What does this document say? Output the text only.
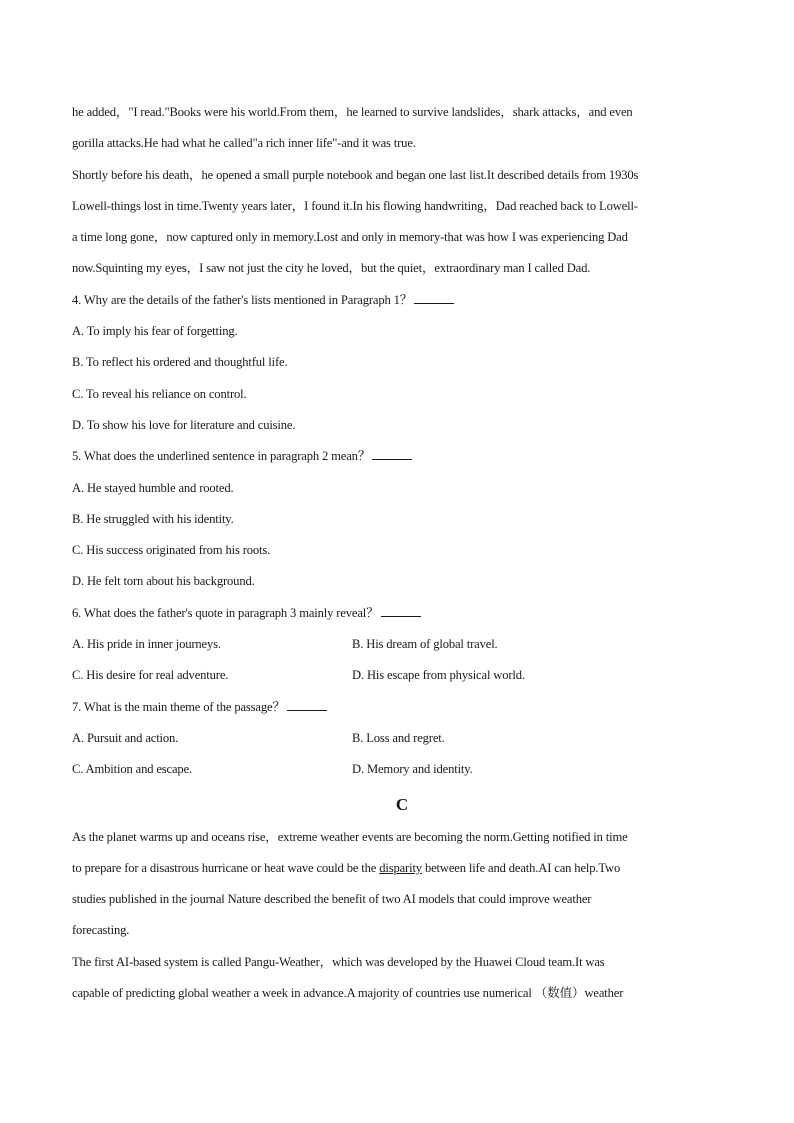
he added，"I read."Books were his world.From them，he learned to survive landslides，shark attacks，and even
gorilla attacks.He had what he called"a rich inner life"-and it was true.
Shortly before his death，he opened a small purple notebook and began one last list.It described details from 1930s
Lowell-things lost in time.Twenty years later，I found it.In his flowing handwriting，Dad reached back to Lowell-
a time long gone，now captured only in memory.Lost and only in memory-that was how I was experiencing Dad
now.Squinting my eyes，I saw not just the city he loved，but the quiet，extraordinary man I called Dad.
4. Why are the details of the father's lists mentioned in Paragraph 1？
A. To imply his fear of forgetting.
B. To reflect his ordered and thoughtful life.
C. To reveal his reliance on control.
D. To show his love for literature and cuisine.
5. What does the underlined sentence in paragraph 2 mean？
A. He stayed humble and rooted.
B. He struggled with his identity.
C. His success originated from his roots.
D. He felt torn about his background.
6. What does the father's quote in paragraph 3 mainly reveal？
A. His pride in inner journeys.	B. His dream of global travel.
C. His desire for real adventure.	D. His escape from physical world.
7. What is the main theme of the passage？
A. Pursuit and action.	B. Loss and regret.
C. Ambition and escape.	D. Memory and identity.
C
As the planet warms up and oceans rise，extreme weather events are becoming the norm.Getting notified in time
to prepare for a disastrous hurricane or heat wave could be the disparity between life and death.AI can help.Two
studies published in the journal Nature described the benefit of two AI models that could improve weather
forecasting.
The first AI-based system is called Pangu-Weather，which was developed by the Huawei Cloud team.It was
capable of predicting global weather a week in advance.A majority of countries use numerical （数值）weather
